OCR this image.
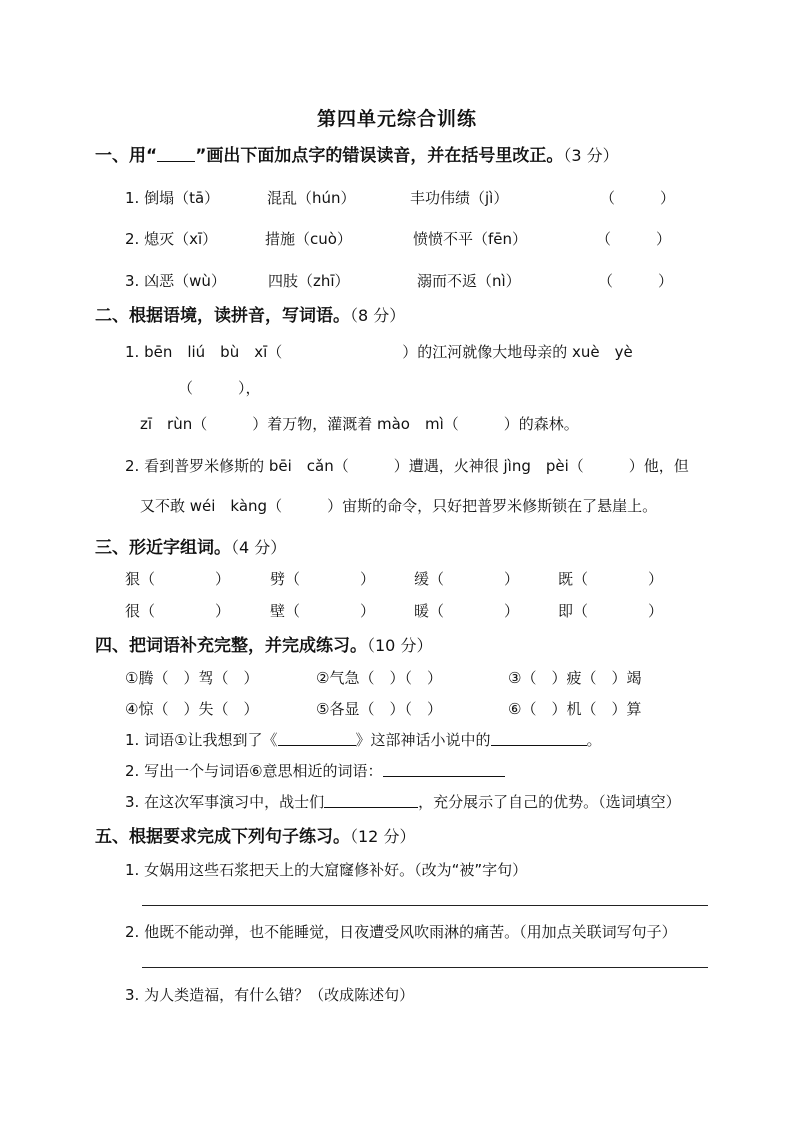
第四单元综合训练
一、用“ ”画出下面加点字的错误读音，并在括号里改正。（3 分）
1. 倒塌（tā）	混乱（hún）	丰功伟绩（jì）	（　　　）
2. 熄灭（xī）	措施（cuò）	愤愤不平（fēn）	（　　　）
3. 凶恶（wù）	四肢（zhī）	溺而不返（nì）	（　　　）
二、根据语境，读拼音，写词语。（8 分）
1. bēn　liú　bù　xī（　　　　　　　　）的江河就像大地母亲的 xuè　yè
（　　　），
zī　rùn（　　　）着万物，灌溉着 mào　mì（　　　）的森林。
2. 看到普罗米修斯的 bēi　cǎn（　　　）遭遇，火神很 jìng　pèi（　　　）他，但
又不敢 wéi　kàng（　　　）宙斯的命令，只好把普罗米修斯锁在了悬崖上。
三、形近字组词。（4 分）
狠（　　　　）	劈（　　　　）	缓（　　　　）	既（　　　　）
很（　　　　）	壁（　　　　）	暖（　　　　）	即（　　　　）
四、把词语补充完整，并完成练习。（10 分）
①腾（　）驾（　）	②气急（　）（　）	③（　）疲（　）竭
④惊（　）失（　）	⑤各显（　）（　）	⑥（　）机（　）算
1. 词语①让我想到了《	》这部神话小说中的	。
2. 写出一个与词语⑥意思相近的词语：
3. 在这次军事演习中，战士们	，充分展示了自己的优势。（选词填空）
五、根据要求完成下列句子练习。（12 分）
1. 女娲用这些石浆把天上的大窟窿修补好。（改为“被”字句）
2. 他既不能动弹，也不能睡觉，日夜遭受风吹雨淋的痛苦。（用加点关联词写句子）
3. 为人类造福，有什么错？（改成陈述句）
